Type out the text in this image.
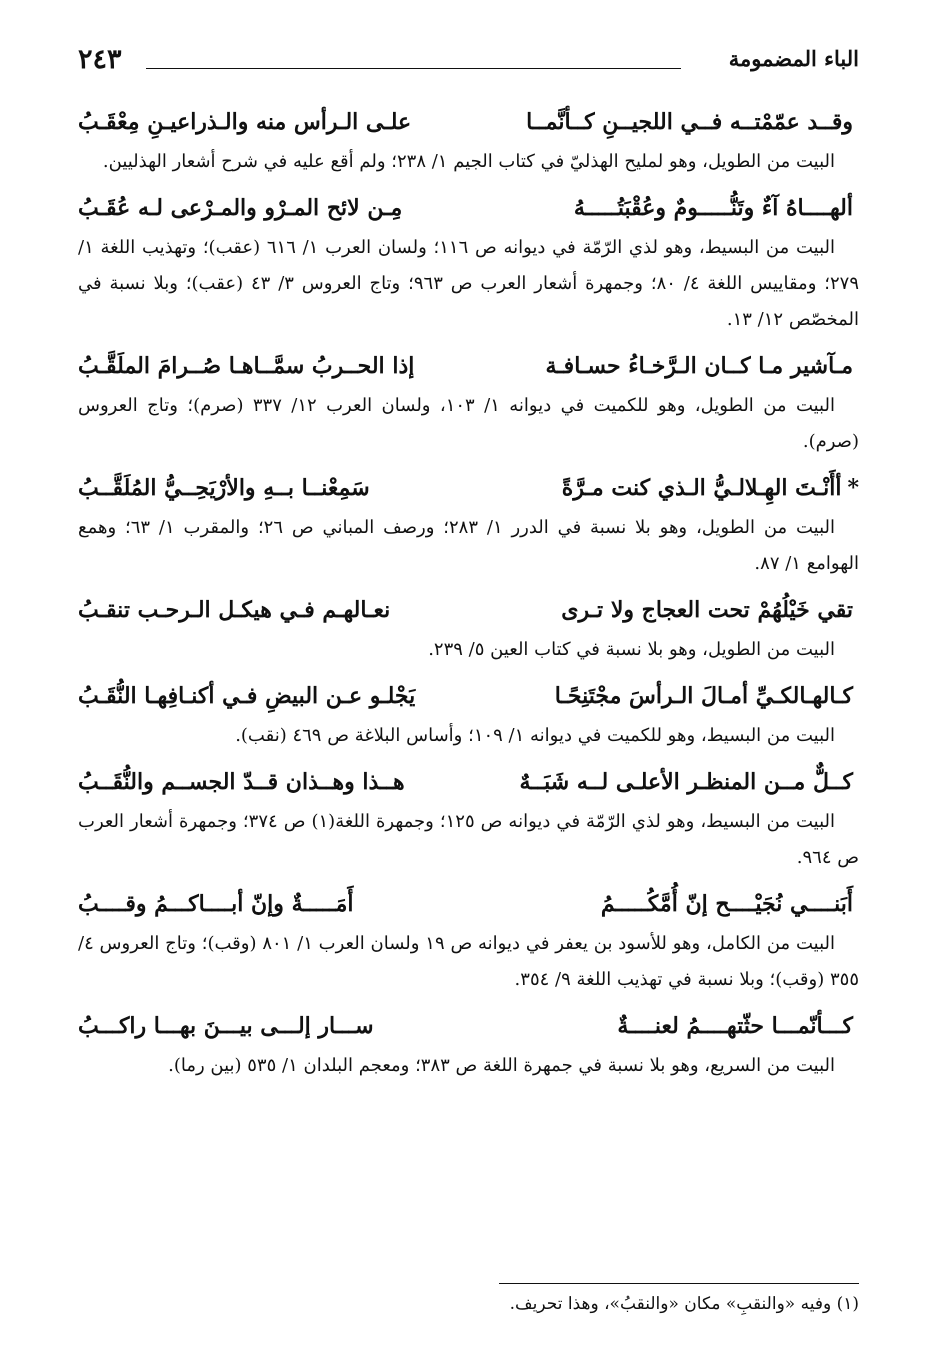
٢٤٣	الباء المضمومة
وقــد عمّمْتــه فــي اللجيــنِ كــأنَّمــا
علـى الـرأس منه والـذراعيـنِ مِعْقَـبُ

البيت من الطويل، وهو لمليح الهذليّ في كتاب الجيم ١/ ٢٣٨؛ ولم أقع عليه في شرح أشعار الهذليين.

ألهــــاهُ آءٌ وتَنُّـــــومٌ وعُقْبَتُـــــهُ
مِـن لائح المـرْو والمـرْعى لـه عُقَـبُ

البيت من البسيط، وهو لذي الرّمّة في ديوانه ص ١١٦؛ ولسان العرب ١/ ٦١٦ (عقب)؛ وتهذيب اللغة ١/ ٢٧٩؛ ومقاييس اللغة ٤/ ٨٠؛ وجمهرة أشعار العرب ص ٩٦٣؛ وتاج العروس ٣/ ٤٣ (عقب)؛ وبلا نسبة في المخصّص ١٢/ ١٣.

مـآشير مـا كــان الـرَّخـاءُ حسـافـة
إذا الحــربُ سمَّــاهـا صُــرامَ الملَقَّـبُ

البيت من الطويل، وهو للكميت في ديوانه ١/ ١٠٣، ولسان العرب ١٢/ ٣٣٧ (صرم)؛ وتاج العروس (صرم).

*أأَنْـتَ الهِـلالـيُّ الـذي كنت مـرَّةً
سَمِعْنــا بــهِ والأرْيَحِــيُّ المُلَقَّــبُ

البيت من الطويل، وهو بلا نسبة في الدرر ١/ ٢٨٣؛ ورصف المباني ص ٢٦؛ والمقرب ١/ ٦٣؛ وهمع الهوامع ١/ ٨٧.

تقي خَيْلُهُمْ تحت العجاج ولا تـرى
نعـالهـم فـي هيكـل الـرحـب تنقـبُ

البيت من الطويل، وهو بلا نسبة في كتاب العين ٥/ ٢٣٩.

كـالهـالكـيِّ أمـالَ الـرأسَ مجْتَنِحًـا
يَجْلـو عـن البيضِ فـي أكنـافِهـا النُّقَـبُ

البيت من البسيط، وهو للكميت في ديوانه ١/ ١٠٩؛ وأساس البلاغة ص ٤٦٩ (نقب).

كــلٌّ مــن المنظـر الأعلـى لــه شَبَــهٌ
هــذا وهــذان قــدّ الجســم والنُّقَــبُ

البيت من البسيط، وهو لذي الرّمّة في ديوانه ص ١٢٥؛ وجمهرة اللغة(١) ص ٣٧٤؛ وجمهرة أشعار العرب ص ٩٦٤.

أَبَنــــي نُجَيْــــح إنّ أُمَّكُـــــمُ
أَمَـــــةٌ وإنّ أبــــاكـــمُ وقــــبُ

البيت من الكامل، وهو للأسود بن يعفر في ديوانه ص ١٩ ولسان العرب ١/ ٨٠١ (وقب)؛ وتاج العروس ٤/ ٣٥٥ (وقب)؛ وبلا نسبة في تهذيب اللغة ٩/ ٣٥٤.

كـــأنّمـــا حثّتهــــمُ لعنــــةٌ
ســـار إلـــى بيـــنَ بهـــا راكـــبُ

البيت من السريع، وهو بلا نسبة في جمهرة اللغة ص ٣٨٣؛ ومعجم البلدان ١/ ٥٣٥ (بين رما).

(١) وفيه «والنقبِ» مكان «والنقبُ»، وهذا تحريف.
